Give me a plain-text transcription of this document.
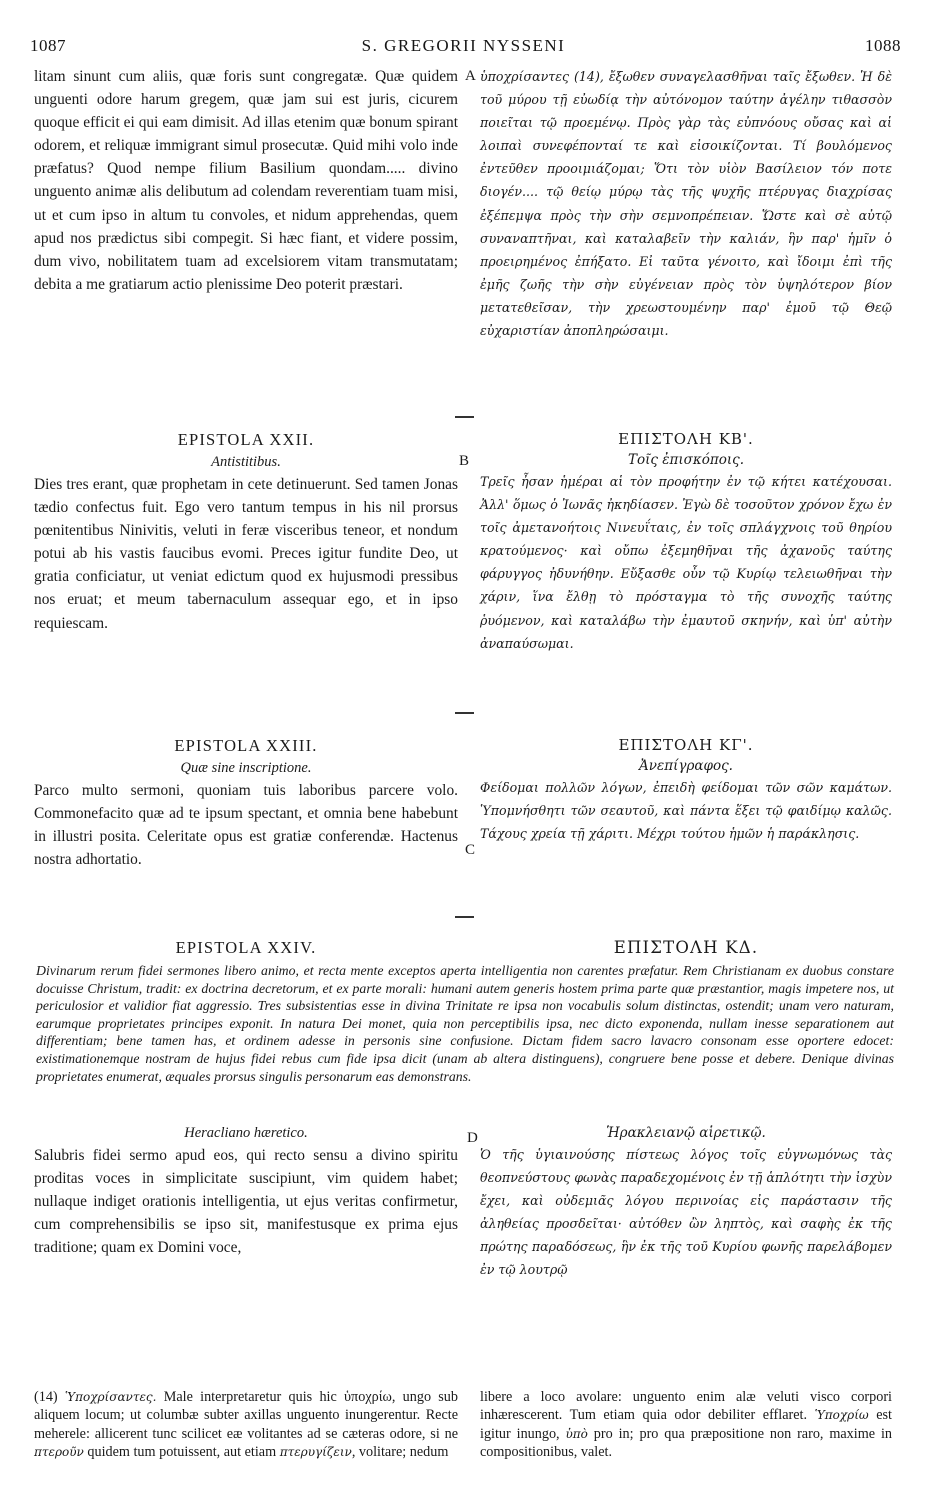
1087	S. GREGORII NYSSENI	1088
litam sinunt cum aliis, quæ foris sunt congregatæ. Quæ quidem unguenti odore harum gregem, quæ jam sui est juris, cicurem quoque efficit ei qui eam dimisit. Ad illas etenim quæ bonum spirant odorem, et reliquæ immigrant simul prosecutæ. Quid mihi volo inde præfatus? Quod nempe filium Basilium quondam..... divino unguento animæ alis delibutum ad colendam reverentiam tuam misi, ut et cum ipso in altum tu convoles, et nidum apprehendas, quem apud nos prædictus sibi compegit. Si hæc fiant, et videre possim, dum vivo, nobilitatem tuam ad excelsiorem vitam transmutatam; debita a me gratiarum actio plenissime Deo poterit præstari.
ὑποχρίσαντες (14), ἔξωθεν συναγελασθῆναι ταῖς ἔξωθεν. Ἡ δὲ τοῦ μύρου τῇ εὐωδίᾳ τὴν αὐτόνομον ταύτην ἀγέλην τιθασσὸν ποιεῖται τῷ προεμένῳ. Πρὸς γὰρ τὰς εὐπνόους οὔσας καὶ αἱ λοιπαὶ συνεφέπονταί τε καὶ εἰσοικίζονται. Τί βουλόμενος ἐντεῦθεν προοιμιάζομαι; Ὅτι τὸν υἱὸν Βασίλειον τόν ποτε διογέν.... τῷ θείῳ μύρῳ τὰς τῆς ψυχῆς πτέρυγας διαχρίσας ἐξέπεμψα πρὸς τὴν σὴν σεμνοπρέπειαν. Ὥστε καὶ σὲ αὐτῷ συναναπτῆναι, καὶ καταλαβεῖν τὴν καλιάν, ἣν παρ' ἡμῖν ὁ προειρημένος ἐπήξατο. Εἰ ταῦτα γένοιτο, καὶ ἴδοιμι ἐπὶ τῆς ἐμῆς ζωῆς τὴν σὴν εὐγένειαν πρὸς τὸν ὑψηλότερον βίον μετατεθεῖσαν, τὴν χρεωστουμένην παρ' ἐμοῦ τῷ Θεῷ εὐχαριστίαν ἀποπληρώσαιμι.
A
EPISTOLA XXII.
Antistitibus.
Dies tres erant, quæ prophetam in cete detinuerunt. Sed tamen Jonas tædio confectus fuit. Ego vero tantum tempus in his nil prorsus pœnitentibus Ninivitis, veluti in feræ visceribus teneor, et nondum potui ab his vastis faucibus evomi. Preces igitur fundite Deo, ut gratia conficiatur, ut veniat edictum quod ex hujusmodi pressibus nos eruat; et meum tabernaculum assequar ego, et in ipso requiescam.
ΕΠΙΣΤΟΛΗ ΚΒ'.
Τοῖς ἐπισκόποις.
Τρεῖς ἦσαν ἡμέραι αἱ τὸν προφήτην ἐν τῷ κήτει κατέχουσαι. Ἀλλ' ὅμως ὁ Ἰωνᾶς ἠκηδίασεν. Ἐγὼ δὲ τοσοῦτον χρόνον ἔχω ἐν τοῖς ἀμετανοήτοις Νινευΐταις, ἐν τοῖς σπλάγχνοις τοῦ θηρίου κρατούμενος· καὶ οὔπω ἐξεμηθῆναι τῆς ἀχανοῦς ταύτης φάρυγγος ἠδυνήθην. Εὔξασθε οὖν τῷ Κυρίῳ τελειωθῆναι τὴν χάριν, ἵνα ἔλθῃ τὸ πρόσταγμα τὸ τῆς συνοχῆς ταύτης ῥυόμενον, καὶ καταλάβω τὴν ἐμαυτοῦ σκηνήν, καὶ ὑπ' αὐτὴν ἀναπαύσωμαι.
B
EPISTOLA XXIII.
Quæ sine inscriptione.
Parco multo sermoni, quoniam tuis laboribus parcere volo. Commonefacito quæ ad te ipsum spectant, et omnia bene habebunt in illustri posita. Celeritate opus est gratiæ conferendæ. Hactenus nostra adhortatio.
ΕΠΙΣΤΟΛΗ ΚΓ'.
Ἀνεπίγραφος.
Φείδομαι πολλῶν λόγων, ἐπειδὴ φείδομαι τῶν σῶν καμάτων. Ὑπομνήσθητι τῶν σεαυτοῦ, καὶ πάντα ἕξει τῷ φαιδίμῳ καλῶς. Τάχους χρεία τῇ χάριτι. Μέχρι τούτου ἡμῶν ἡ παράκλησις.
C
EPISTOLA XXIV.	ΕΠΙΣΤΟΛΗ ΚΔ.
Divinarum rerum fidei sermones libero animo, et recta mente exceptos aperta intelligentia non carentes præfatur. Rem Christianam ex duobus constare docuisse Christum, tradit: ex doctrina decretorum, et ex parte morali: humani autem generis hostem prima parte quæ præstantior, magis impetere nos, ut periculosior et validior fiat aggressio. Tres subsistentias esse in divina Trinitate re ipsa non vocabulis solum distinctas, ostendit; unam vero naturam, earumque proprietates principes exponit. In natura Dei monet, quia non perceptibilis ipsa, nec dicto exponenda, nullam inesse separationem aut differentiam; bene tamen has, et ordinem adesse in personis sine confusione. Dictam fidem sacro lavacro consonam esse oportere edocet: existimationemque nostram de hujus fidei rebus cum fide ipsa dicit (unam ab altera distinguens), congruere bene posse et debere. Denique divinas proprietates enumerat, æquales prorsus singulis personarum eas demonstrans.
Heracliano hæretico.
Salubris fidei sermo apud eos, qui recto sensu a divino spiritu proditas voces in simplicitate suscipiunt, vim quidem habet; nullaque indiget orationis intelligentia, ut ejus veritas confirmetur, cum comprehensibilis se ipso sit, manifestusque ex prima ejus traditione; quam ex Domini voce,
Ἡρακλειανῷ αἱρετικῷ.
Ὁ τῆς ὑγιαινούσης πίστεως λόγος τοῖς εὐγνωμόνως τὰς θεοπνεύστους φωνὰς παραδεχομένοις ἐν τῇ ἁπλότητι τὴν ἰσχὺν ἔχει, καὶ οὐδεμιᾶς λόγου περινοίας εἰς παράστασιν τῆς ἀληθείας προσδεῖται· αὐτόθεν ὢν ληπτὸς, καὶ σαφὴς ἐκ τῆς πρώτης παραδόσεως, ἣν ἐκ τῆς τοῦ Κυρίου φωνῆς παρελάβομεν ἐν τῷ λουτρῷ
D
(14) Ὑποχρίσαντες. Male interpretaretur quis hic ὑποχρίω, ungo sub aliquem locum; ut columbæ subter axillas unguento inungerentur. Recte meherele: allicerent tunc scilicet eæ volitantes ad se cæteras odore, si ne πτεροῦν quidem tum potuissent, aut etiam πτερυγίζειν, volitare; nedum
libere a loco avolare: unguento enim alæ veluti visco corpori inhærescerent. Tum etiam quia odor debiliter efflaret. Ὑποχρίω est igitur inungo, ὑπὸ pro in; pro qua præpositione non raro, maxime in compositionibus, valet.
